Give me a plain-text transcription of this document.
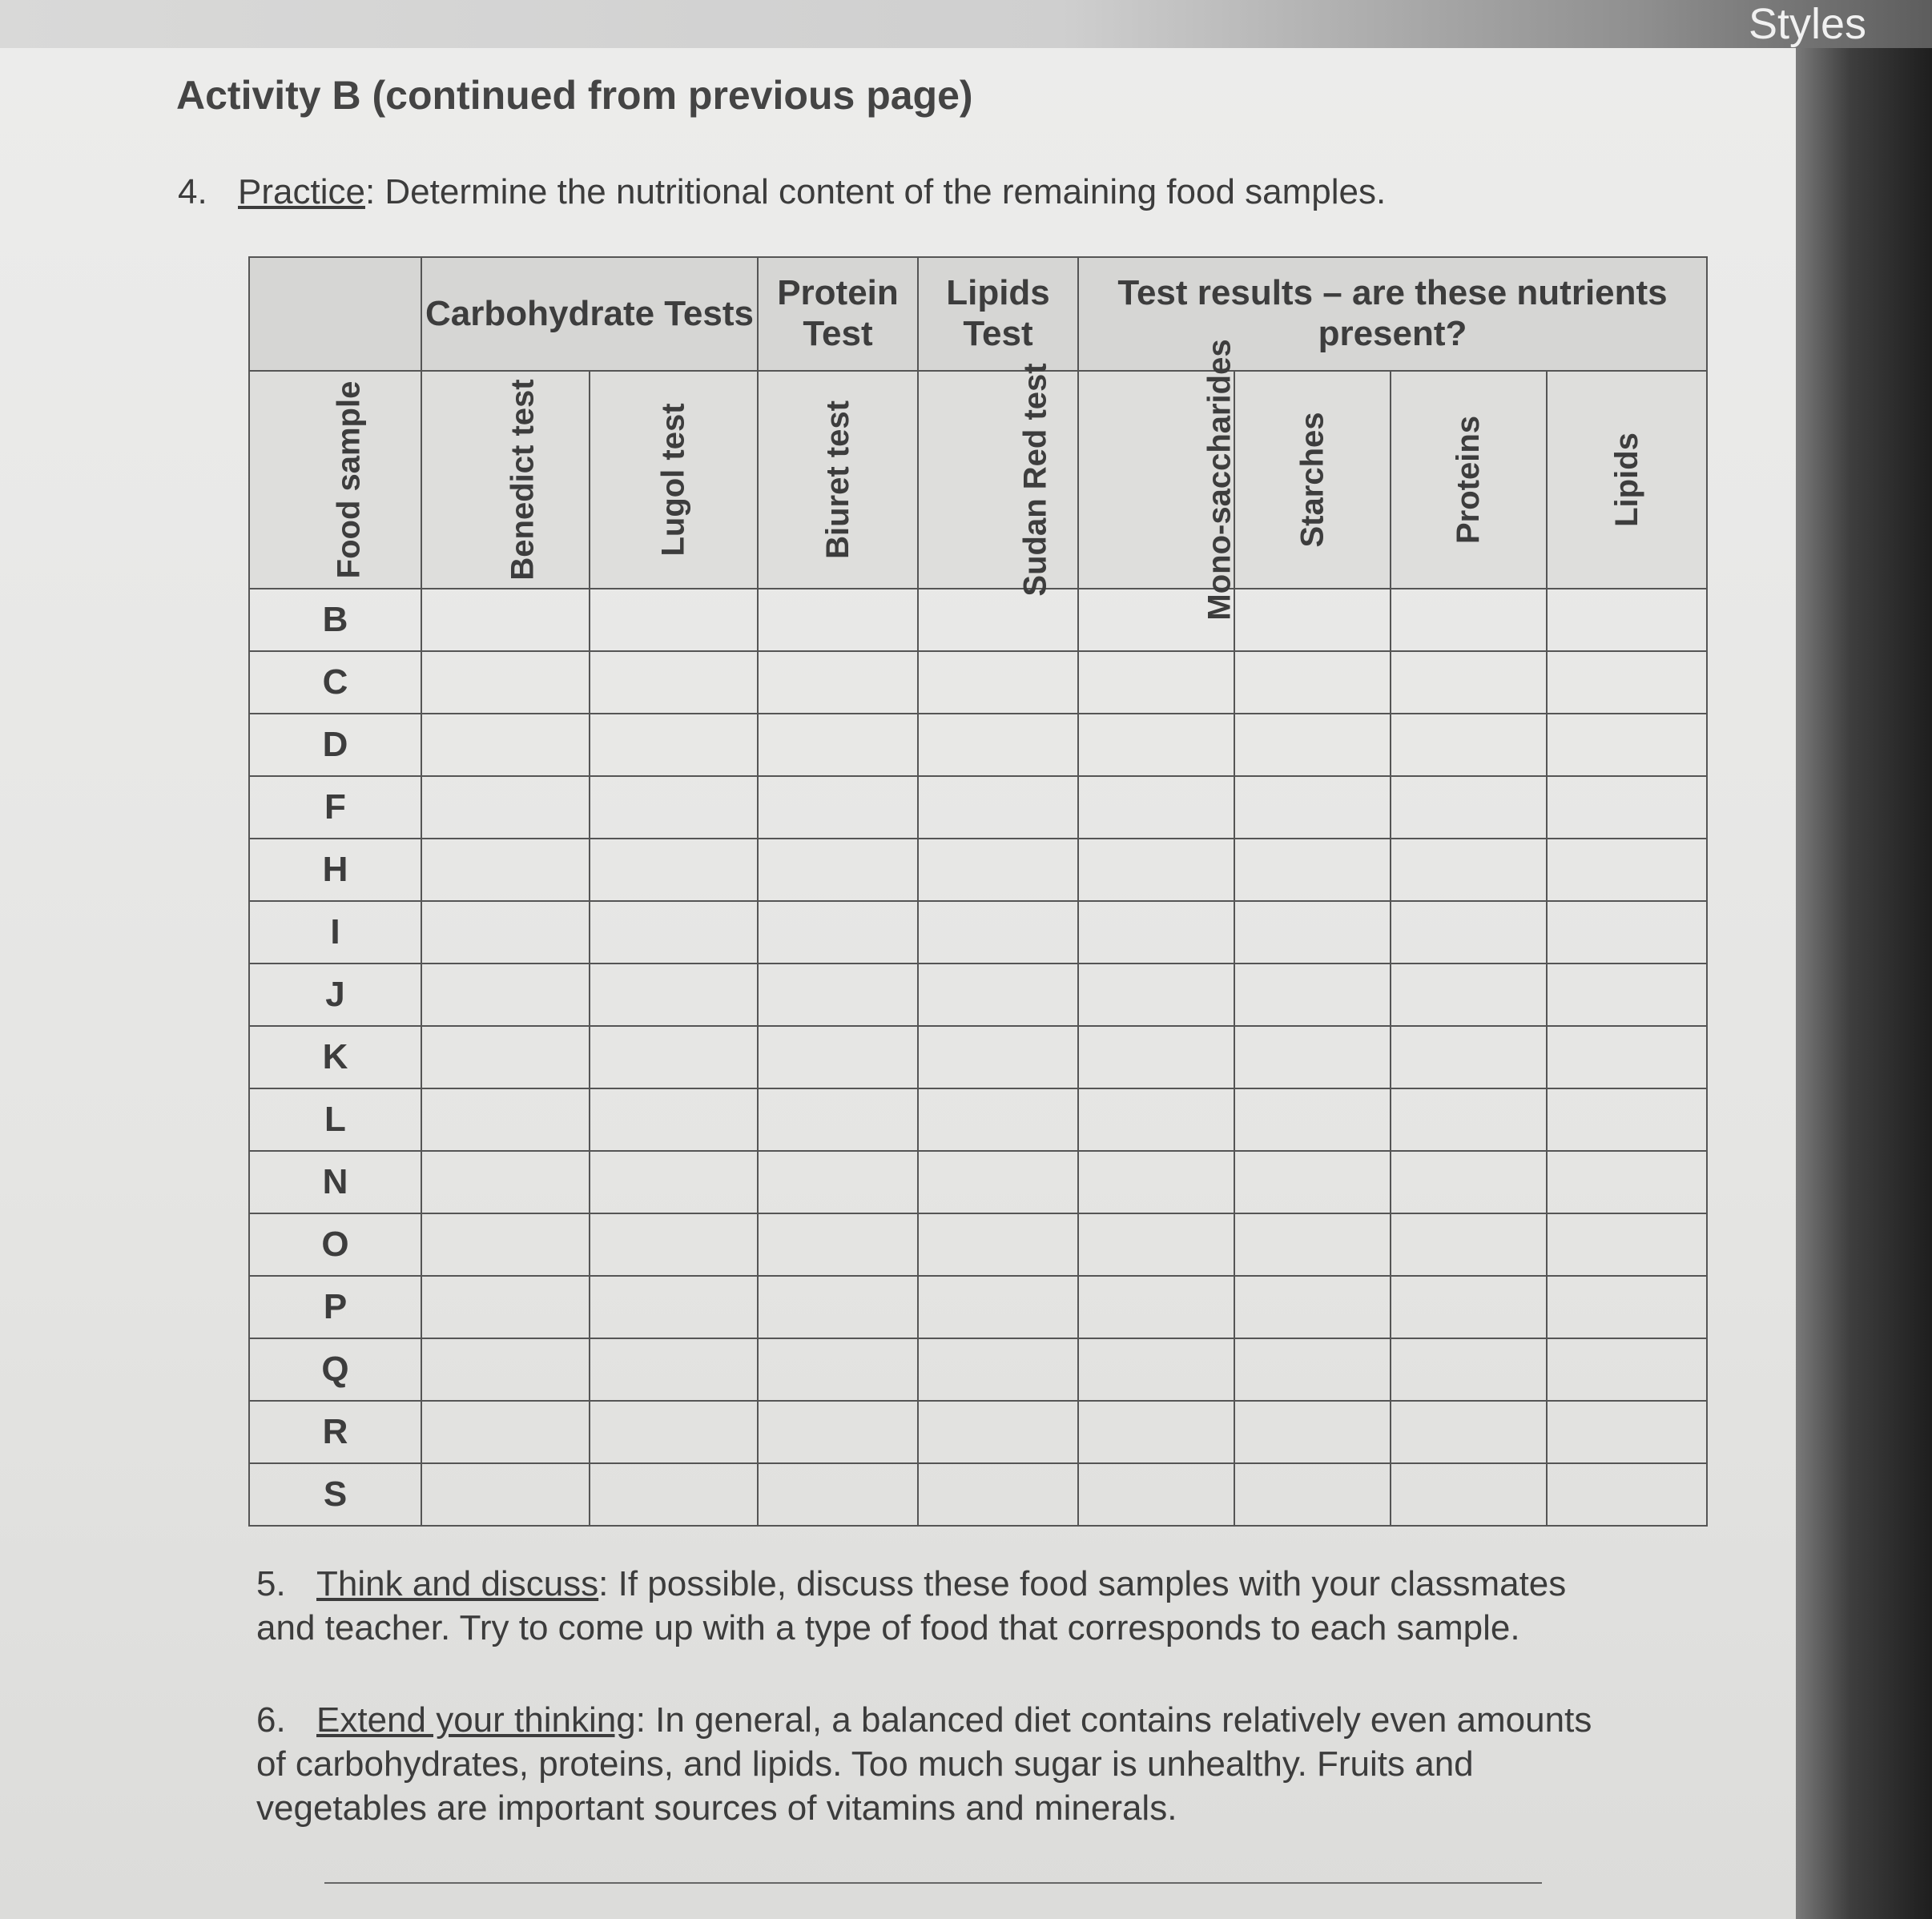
Styles
Activity B (continued from previous page)
4. Practice: Determine the nutritional content of the remaining food samples.
	Carbohydrate Tests		Protein Test	Lipids Test	Test results – are these nutrients present?			
Food sample	Benedict test	Lugol test	Biuret test	Sudan Red test	Mono-saccharides	Starches	Proteins	Lipids
B								
C								
D								
F								
H								
I								
J								
K								
L								
N								
O								
P								
Q								
R								
S								
5. Think and discuss: If possible, discuss these food samples with your classmates and teacher. Try to come up with a type of food that corresponds to each sample.
6. Extend your thinking: In general, a balanced diet contains relatively even amounts of carbohydrates, proteins, and lipids. Too much sugar is unhealthy. Fruits and vegetables are important sources of vitamins and minerals.
